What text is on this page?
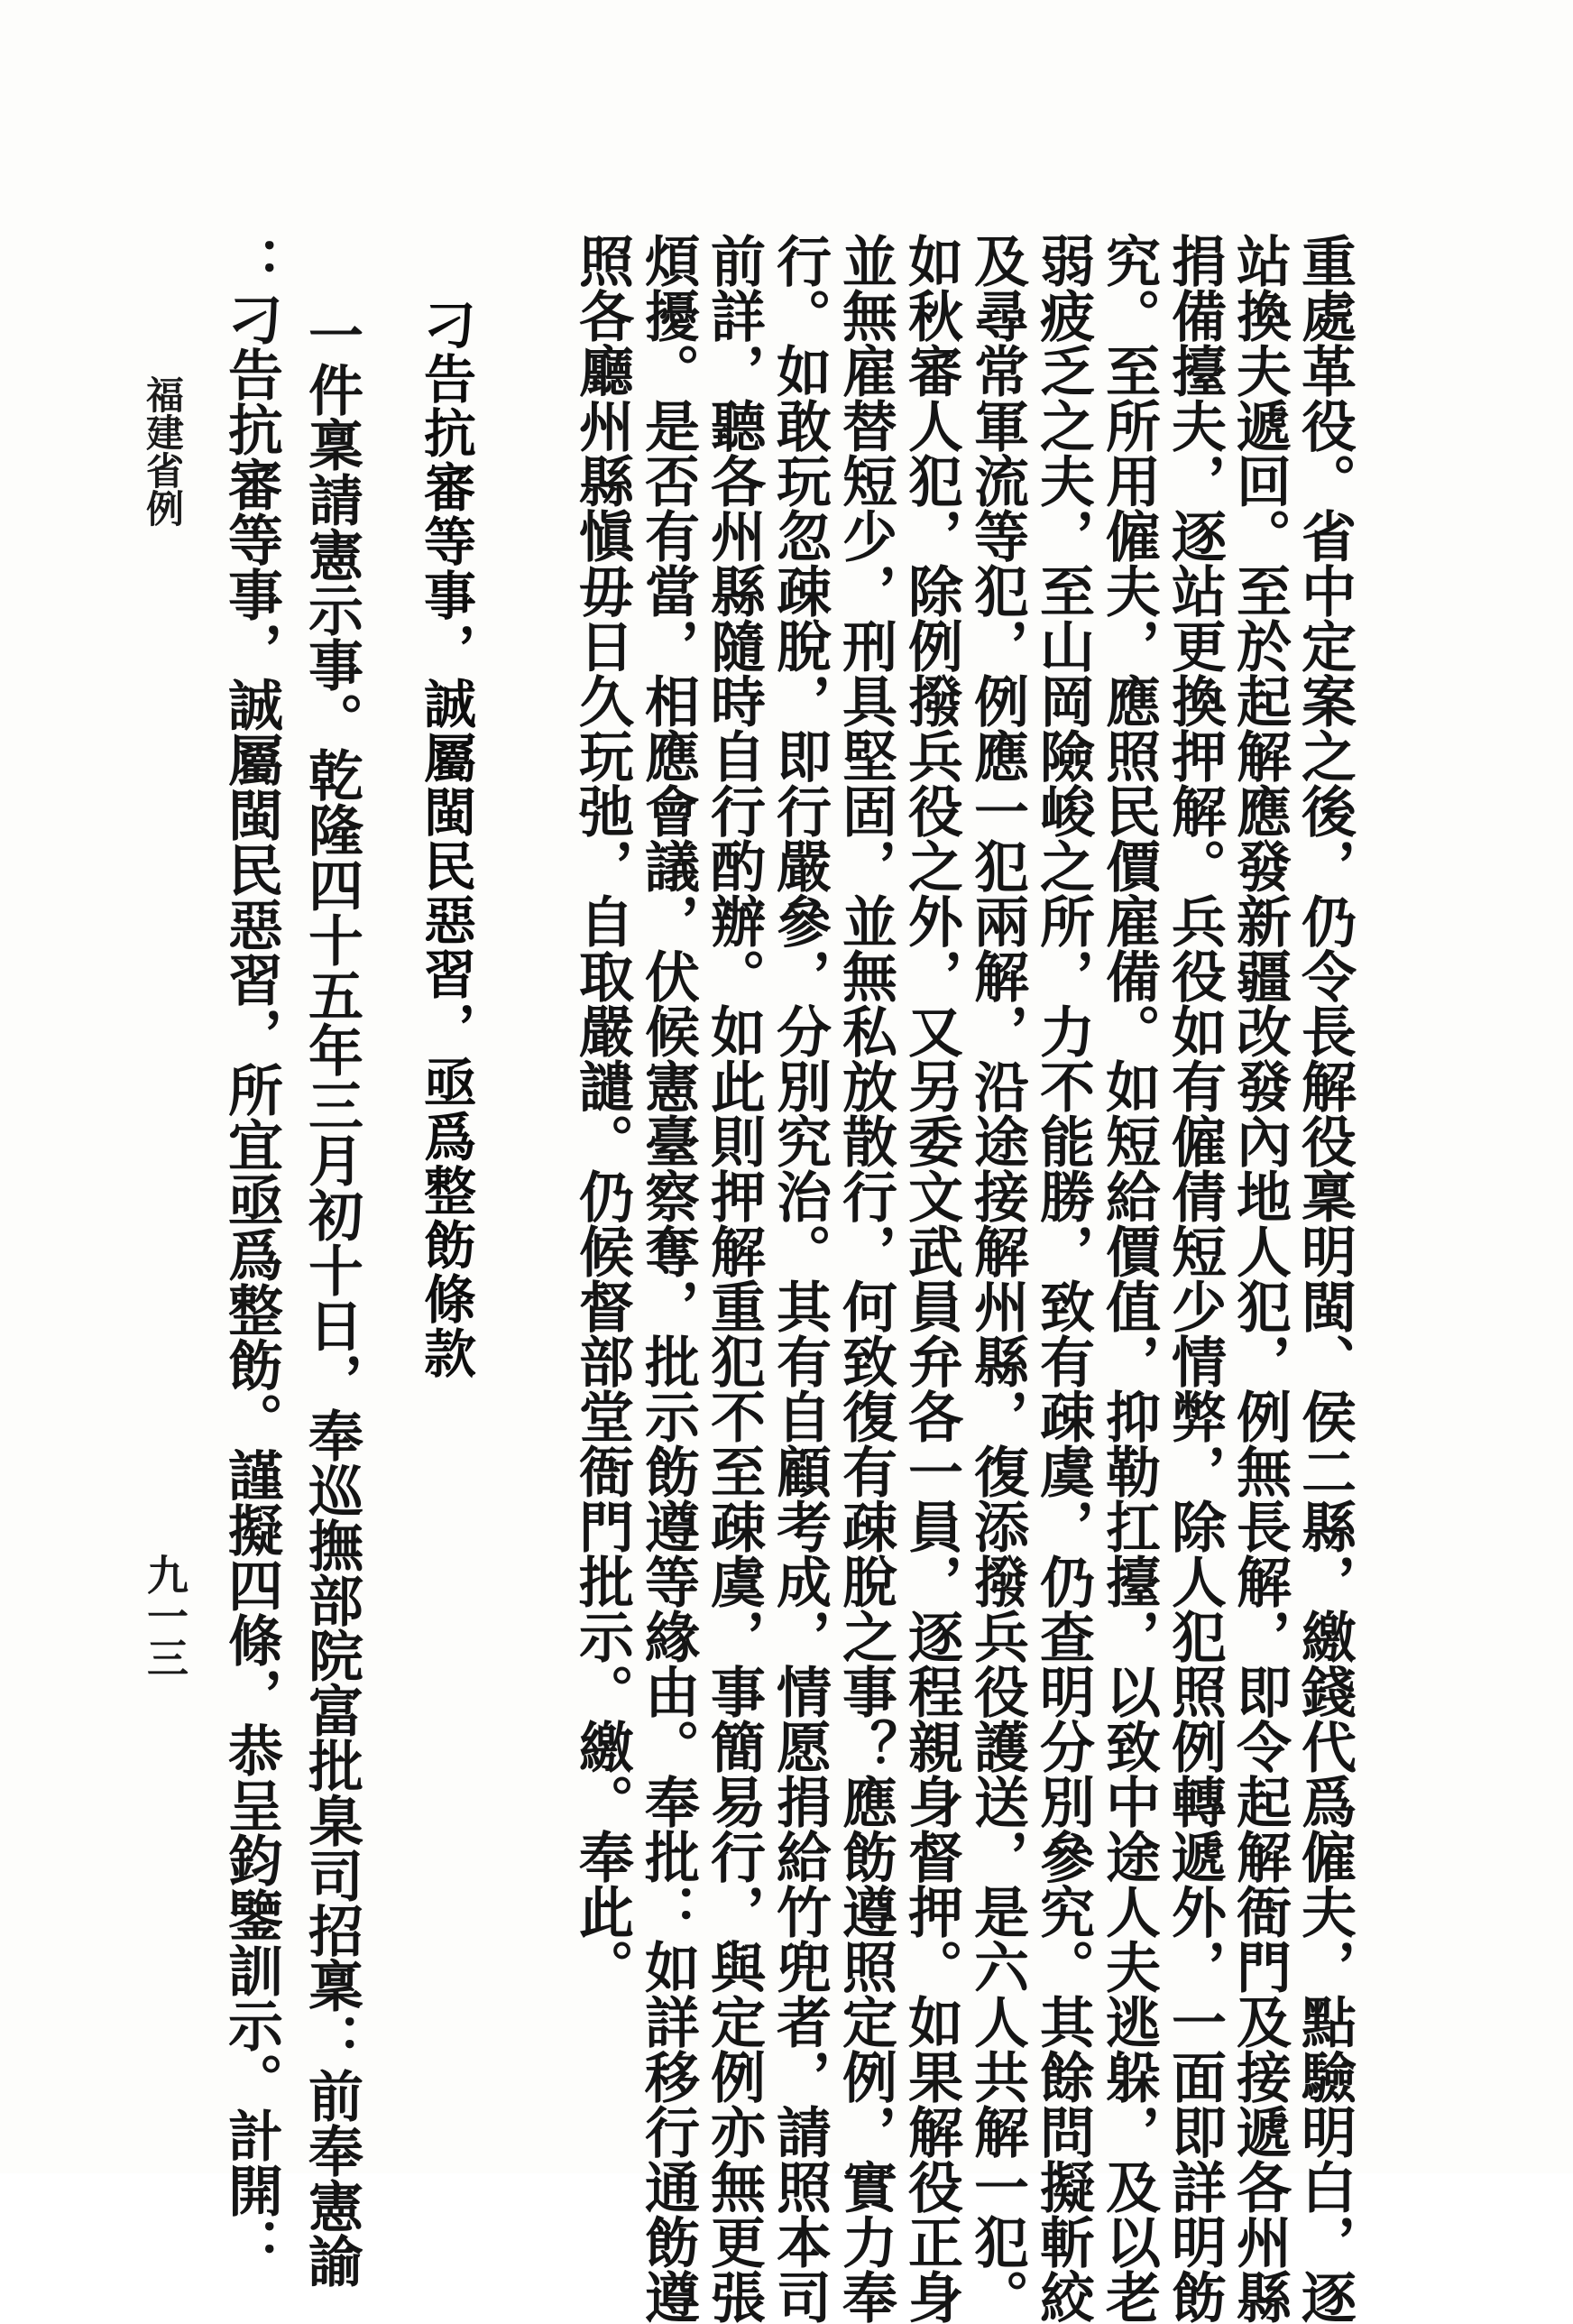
重處革役。省中定案之後，仍令長解役稟明閩、侯二縣，繳錢代爲僱夫，點驗明白，逐
站換夫遞回。至於起解應發新疆改發內地人犯，例無長解，即令起解衙門及接遞各州縣
捐備擡夫，逐站更換押解。兵役如有僱倩短少情弊，除人犯照例轉遞外，一面即詳明飭
究。至所用僱夫，應照民價雇備。如短給價值，抑勒扛擡，以致中途人夫逃躲，及以老
弱疲乏之夫，至山岡險峻之所，力不能勝，致有疎虞，仍查明分別參究。其餘問擬斬絞
及尋常軍流等犯，例應一犯兩解，沿途接解州縣，復添撥兵役護送，是六人共解一犯。
如秋審人犯，除例撥兵役之外，又另委文武員弁各一員，逐程親身督押。如果解役正身
並無雇替短少，刑具堅固，並無私放散行，何致復有疎脫之事？應飭遵照定例，實力奉
行。如敢玩忽疎脫，即行嚴參，分別究治。其有自顧考成，情愿捐給竹兜者，請照本司
前詳，聽各州縣隨時自行酌辦。如此則押解重犯不至疎虞，事簡易行，與定例亦無更張
煩擾。是否有當，相應會議，伏候憲臺察奪，批示飭遵等緣由。奉批：如詳移行通飭遵
照各廳州縣愼毋日久玩弛，自取嚴譴。仍候督部堂衙門批示。繳。奉此。
刁告抗審等事，誠屬閩民惡習，亟爲整飭條款
一件稟請憲示事。乾隆四十五年三月初十日，奉巡撫部院富批臬司招稟：前奉憲諭
：刁告抗審等事，誠屬閩民惡習，所宜亟爲整飭。謹擬四條，恭呈鈞鑒訓示。計開：
福建省例
九一三
